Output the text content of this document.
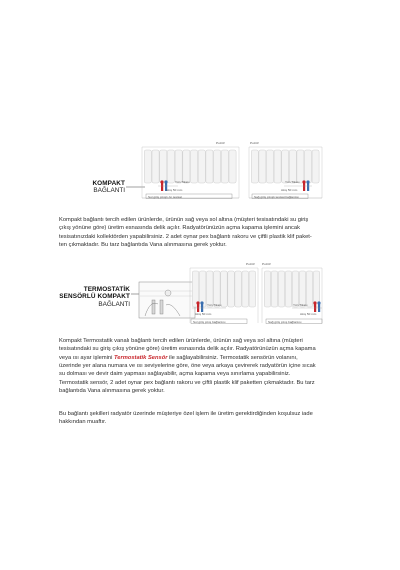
KOMPAKT
BAĞLANTI
Pozitif
Yön Tikası
Akış 50 mm
Sol giriş çıkışlı ön tesisat
Pozitif
Yön Tikası
Akış 50 mm
Sağ giriş çıkışlı tesisat bağlantısı

Kompakt bağlantı tercih edilen ürünlerde, ürünün sağ veya sol altına (müşteri tesisatındaki su giriş

çıkış yönüne göre) üretim esnasında delik açılır. Radyatörünüzün açma kapama işlemini ancak

tesisatınızdaki kollektörden yapabilirsiniz. 2 adet oynar pex bağlantı rakoru ve çiftli plastik klif paket-

ten çıkmaktadır. Bu tarz bağlantıda Vana alınmasına gerek yoktur.

TERMOSTATİK
SENSÖRLÜ KOMPAKT
BAĞLANTI
Pozitif
Yön Tikası
Akış 50 mm
Sol giriş çıkış bağlantısı
Pozitif
Yön Tikası
Akış 50 mm
Sağ giriş çıkış bağlantısı

Kompakt Termostatik vanalı bağlantı tercih edilen ürünlerde, ürünün sağ veya sol altına (müşteri

tesisatındaki su giriş çıkış yönüne göre) üretim esnasında delik açılır. Radyatörünüzün açma kapama

veya ısı ayar işlemini Termostatik Sensör ile sağlayabilirsiniz. Termostatik sensörün volanını,

üzerinde yer alana numara ve ısı seviyelerine göre, öne veya arkaya çevirerek radyatörün içine sıcak

su dolması ve devir daim yapması sağlayabilir, açma kapama veya sınırlama yapabilirsiniz.

Termostatik sensör, 2 adet oynar pex bağlantı rakoru ve çiftli plastik klif paketten çıkmaktadır. Bu tarz

bağlantıda Vana alınmasına gerek yoktur.

Bu bağlantı şekilleri radyatör üzerinde müşteriye özel işlem ile üretim gerektirdiğinden koşulsuz iade

hakkından muaftır.
